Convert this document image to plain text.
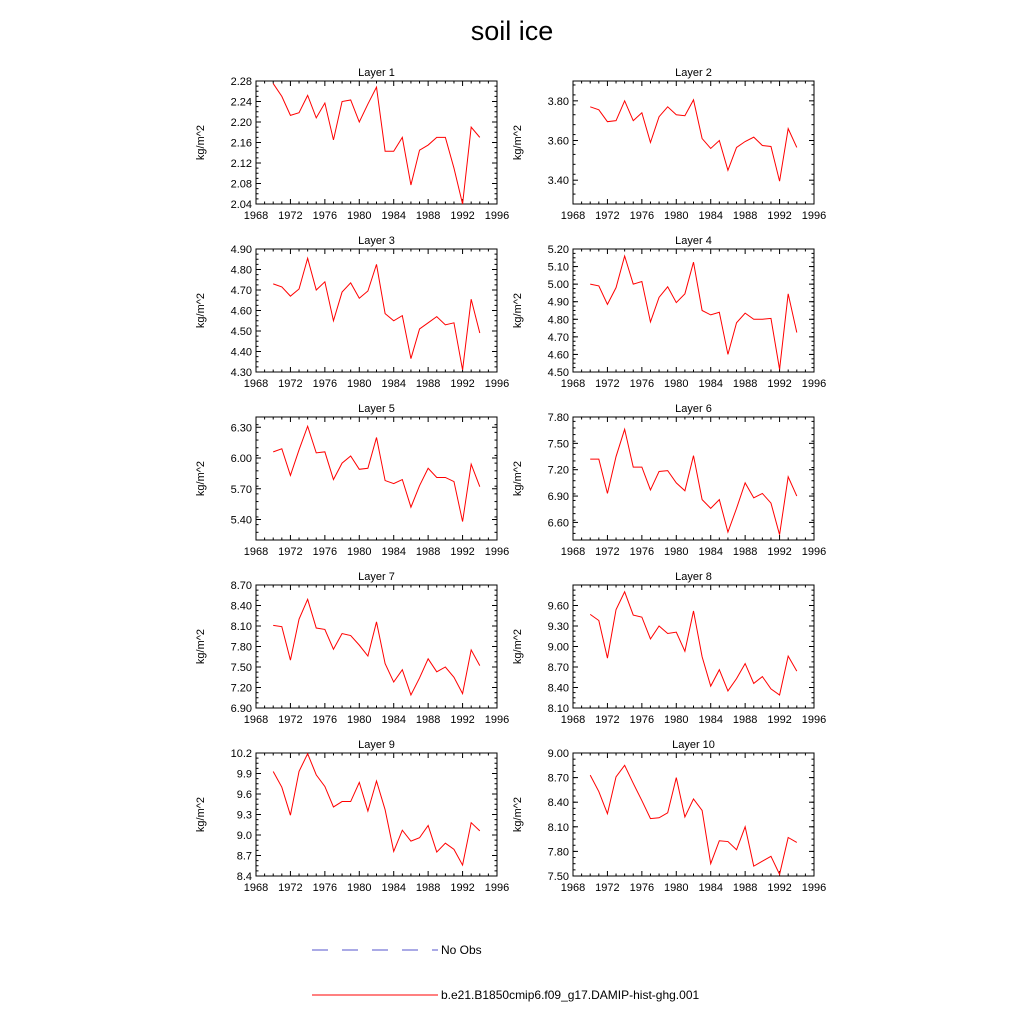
soil ice
Layer 1
1968 1972 1976 1980 1984 1988 1992 1996
2.04
2.08
2.12
2.16
2.20
2.24
2.28
kg/m^2
Layer 2
1968 1972 1976 1980 1984 1988 1992 1996
3.40
3.60
3.80
kg/m^2
Layer 3
1968 1972 1976 1980 1984 1988 1992 1996
4.30
4.40
4.50
4.60
4.70
4.80
4.90
kg/m^2
Layer 4
1968 1972 1976 1980 1984 1988 1992 1996
4.50
4.60
4.70
4.80
4.90
5.00
5.10
5.20
kg/m^2
Layer 5
1968 1972 1976 1980 1984 1988 1992 1996
5.40
5.70
6.00
6.30
kg/m^2
Layer 6
1968 1972 1976 1980 1984 1988 1992 1996
6.60
6.90
7.20
7.50
7.80
kg/m^2
Layer 7
1968 1972 1976 1980 1984 1988 1992 1996
6.90
7.20
7.50
7.80
8.10
8.40
8.70
kg/m^2
Layer 8
1968 1972 1976 1980 1984 1988 1992 1996
8.10
8.40
8.70
9.00
9.30
9.60
kg/m^2
Layer 9
1968 1972 1976 1980 1984 1988 1992 1996
8.4
8.7
9.0
9.3
9.6
9.9
10.2
kg/m^2
Layer 10
1968 1972 1976 1980 1984 1988 1992 1996
7.50
7.80
8.10
8.40
8.70
9.00
kg/m^2
No Obs
b.e21.B1850cmip6.f09_g17.DAMIP-hist-ghg.001
